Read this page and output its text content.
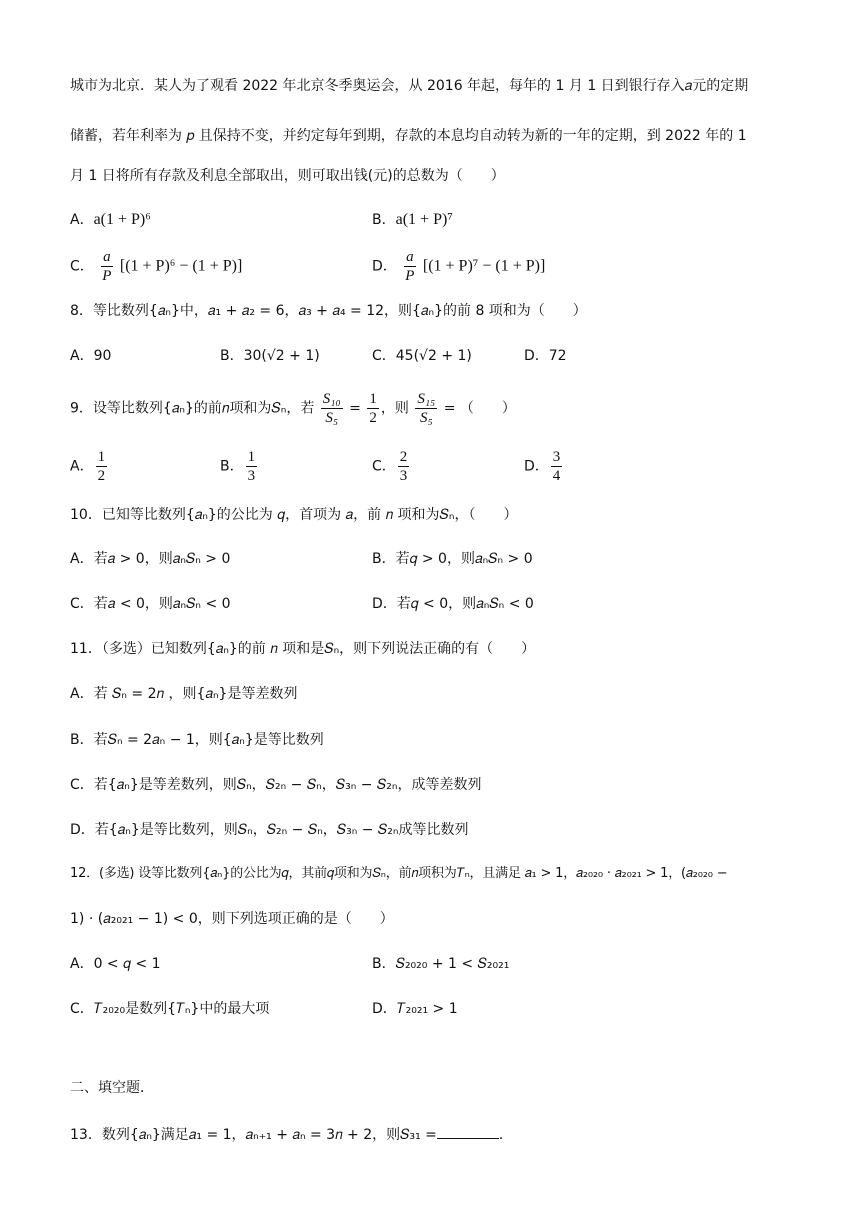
城市为北京．某人为了观看 2022 年北京冬季奥运会，从 2016 年起，每年的 1 月 1 日到银行存入𝑎元的定期
储蓄，若年利率为 𝑝 且保持不变，并约定每年到期，存款的本息均自动转为新的一年的定期，到 2022 年的 1
月 1 日将所有存款及利息全部取出，则可取出钱(元)的总数为（　　）
A．a(1 + P)⁶	B．a(1 + P)⁷
C． $\frac{a}{P} [(1 + P)^6 - (1 + P)]$	D． $\frac{a}{P} [(1 + P)^7 - (1 + P)]$
8．等比数列{𝑎ₙ}中，𝑎₁ + 𝑎₂ = 6，𝑎₃ + 𝑎₄ = 12，则{𝑎ₙ}的前 8 项和为（　　）
A．90	B．30(√2 + 1)	C．45(√2 + 1)	D．72
9．设等比数列{𝑎ₙ}的前𝑛项和为𝑆ₙ，若 $\frac{\text{S₁₀}}{\text{S₅}} = \frac{1}{2}$ ，则 $\frac{\text{S₁₅}}{\text{S₅}}$ = （　　）
A． $\frac{1}{2}$	B． $\frac{1}{3}$	C． $\frac{2}{3}$	D． $\frac{3}{4}$
10．已知等比数列{𝑎ₙ}的公比为 𝑞，首项为 𝑎，前 𝑛 项和为𝑆ₙ，（　　）
A．若𝑎 > 0，则𝑎ₙ𝑆ₙ > 0	B．若𝑞 > 0，则𝑎ₙ𝑆ₙ > 0
C．若𝑎 < 0，则𝑎ₙ𝑆ₙ < 0	D．若𝑞 < 0，则𝑎ₙ𝑆ₙ < 0
11．（多选）已知数列{𝑎ₙ}的前 𝑛 项和是𝑆ₙ，则下列说法正确的有（　　）
A．若 𝑆ₙ = 2𝑛 ，则{𝑎ₙ}是等差数列
B．若𝑆ₙ = 2𝑎ₙ − 1，则{𝑎ₙ}是等比数列
C．若{𝑎ₙ}是等差数列，则𝑆ₙ，𝑆₂ₙ − 𝑆ₙ，𝑆₃ₙ − 𝑆₂ₙ，成等差数列
D．若{𝑎ₙ}是等比数列，则𝑆ₙ，𝑆₂ₙ − 𝑆ₙ，𝑆₃ₙ − 𝑆₂ₙ成等比数列
12．(多选) 设等比数列{𝑎ₙ}的公比为𝑞，其前𝑞项和为𝑆ₙ，前𝑛项积为𝑇ₙ，且满足 𝑎₁ > 1，𝑎₂₀₂₀ · 𝑎₂₀₂₁ > 1，(𝑎₂₀₂₀ −
1) · (𝑎₂₀₂₁ − 1) < 0，则下列选项正确的是（　　）
A．0 < 𝑞 < 1	B．𝑆₂₀₂₀ + 1 < 𝑆₂₀₂₁
C．𝑇₂₀₂₀是数列{𝑇ₙ}中的最大项	D．𝑇₂₀₂₁ > 1
二、填空题．
13．数列{𝑎ₙ}满足𝑎₁ = 1，𝑎ₙ₊₁ + 𝑎ₙ = 3𝑛 + 2，则𝑆₃₁ =	．
